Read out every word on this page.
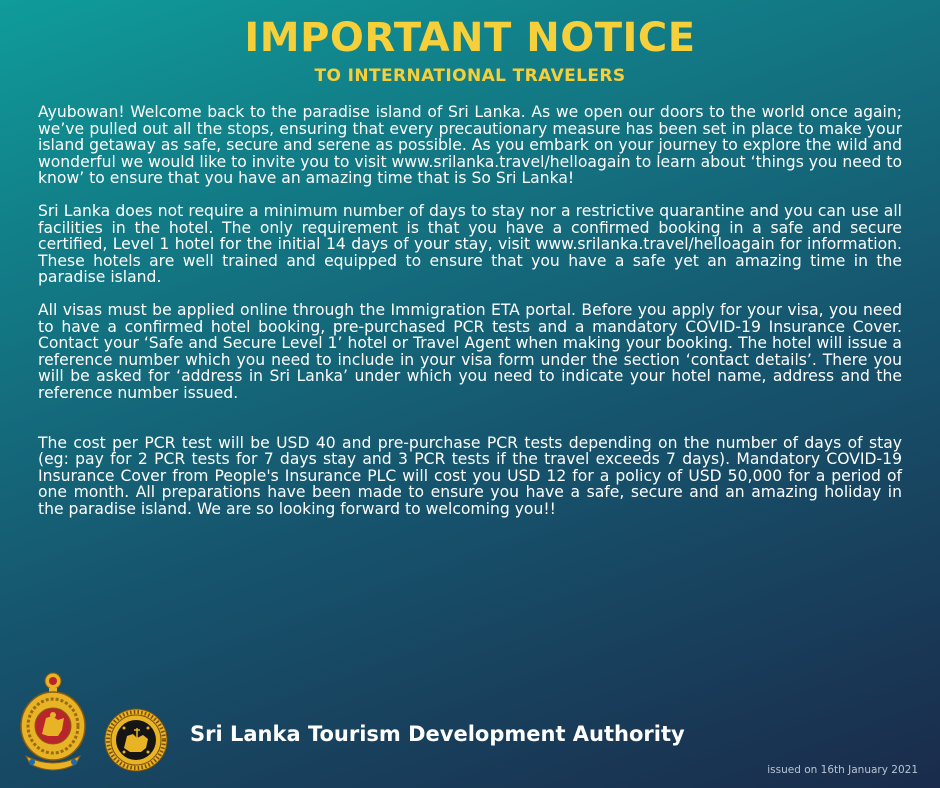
IMPORTANT NOTICE
TO INTERNATIONAL TRAVELERS

Ayubowan! Welcome back to the paradise island of Sri Lanka. As we open our doors to the world once again; we’ve pulled out all the stops, ensuring that every precautionary measure has been set in place to make your island getaway as safe, secure and serene as possible. As you embark on your journey to explore the wild and wonderful we would like to invite you to visit www.srilanka.travel/helloagain to learn about ‘things you need to know’ to ensure that you have an amazing time that is So Sri Lanka!

Sri Lanka does not require a minimum number of days to stay nor a restrictive quarantine and you can use all facilities in the hotel. The only requirement is that you have a confirmed booking in a safe and secure certified, Level 1 hotel for the initial 14 days of your stay, visit www.srilanka.travel/helloagain for information. These hotels are well trained and equipped to ensure that you have a safe yet an amazing time in the paradise island.

All visas must be applied online through the Immigration ETA portal. Before you apply for your visa, you need to have a confirmed hotel booking, pre-purchased PCR tests and a mandatory COVID-19 Insurance Cover. Contact your ‘Safe and Secure Level 1’ hotel or Travel Agent when making your booking. The hotel will issue a reference number which you need to include in your visa form under the section ‘contact details’. There you will be asked for ‘address in Sri Lanka’ under which you need to indicate your hotel name, address and the reference number issued.

The cost per PCR test will be USD 40 and pre-purchase PCR tests depending on the number of days of stay (eg: pay for 2 PCR tests for 7 days stay and 3 PCR tests if the travel exceeds 7 days). Mandatory COVID-19 Insurance Cover from People's Insurance PLC will cost you USD 12 for a policy of USD 50,000 for a period of one month. All preparations have been made to ensure you have a safe, secure and an amazing holiday in the paradise island. We are so looking forward to welcoming you!!

Sri Lanka Tourism Development Authority
issued on 16th January 2021
